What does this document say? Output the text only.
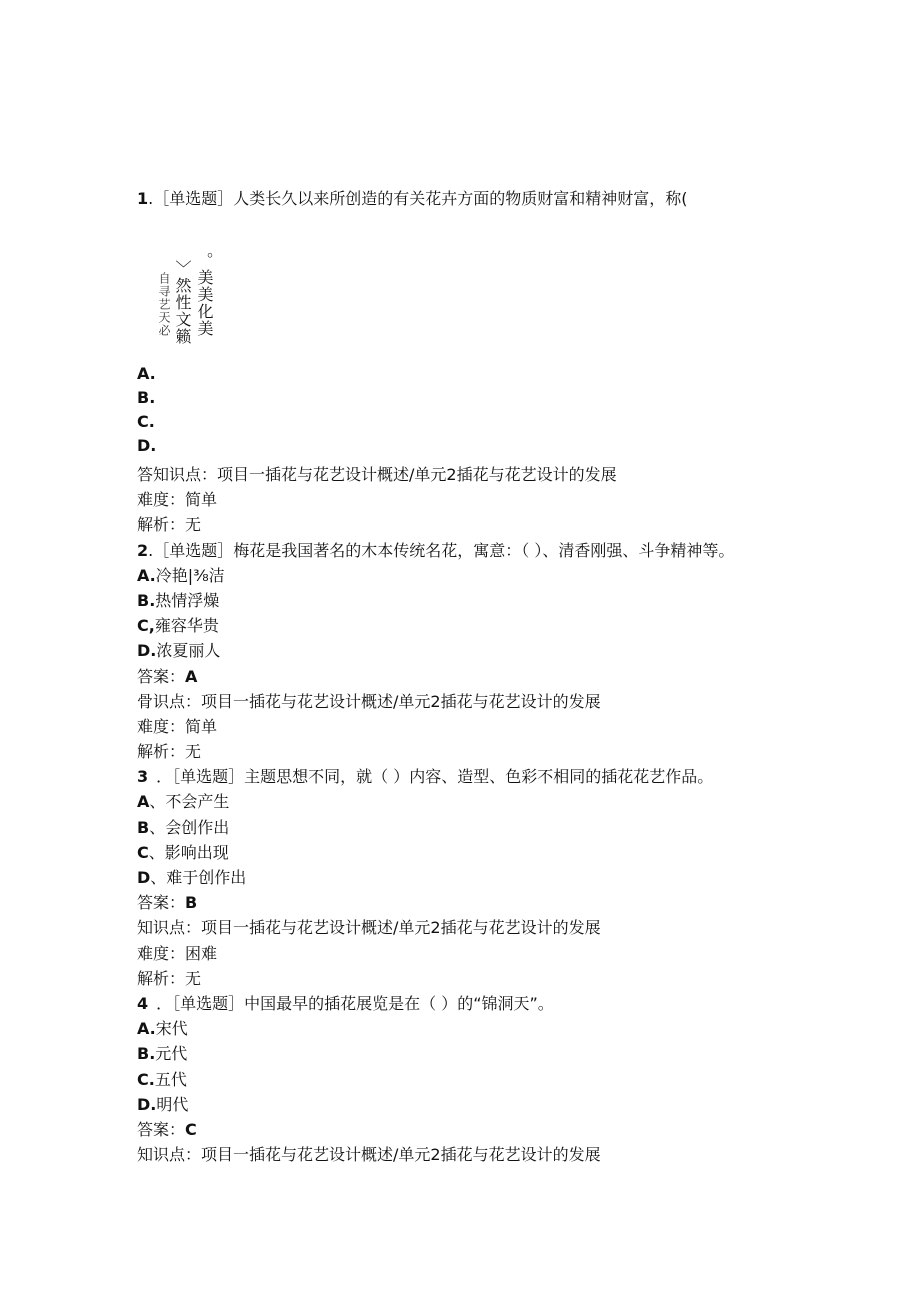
1.［单选题］人类长久以来所创造的有关花卉方面的物质财富和精神财富，称(
。美美化美
〉然性文籁
自寻艺天必
A.
B.
C.
D.
答知识点：项目一插花与花艺设计概述/单元2插花与花艺设计的发展
难度：简单
解析：无
2.［单选题］梅花是我国著名的木本传统名花，寓意：（ ）、清香刚强、斗争精神等。
A.冷艳|⅜洁
B.热情浮燥
C,雍容华贵
D.浓夏丽人
答案：A
骨识点：项目一插花与花艺设计概述/单元2插花与花艺设计的发展
难度：简单
解析：无
3 ．［单选题］主题思想不同，就（ ）内容、造型、色彩不相同的插花花艺作品。
A、不会产生
B、会创作出
C、影响出现
D、难于创作出
答案：B
知识点：项目一插花与花艺设计概述/单元2插花与花艺设计的发展
难度：困难
解析：无
4 ．［单选题］中国最早的插花展览是在（ ）的“锦洞天”。
A.宋代
B.元代
C.五代
D.明代
答案：C
知识点：项目一插花与花艺设计概述/单元2插花与花艺设计的发展
